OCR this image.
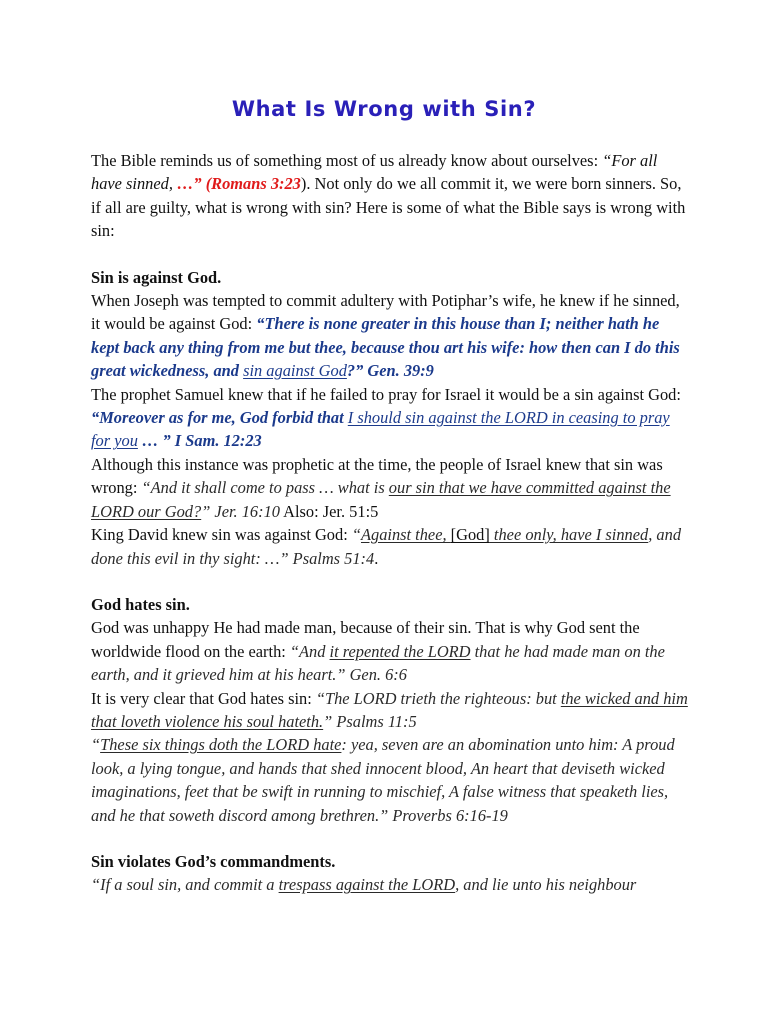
What Is Wrong with Sin?

The Bible reminds us of something most of us already know about ourselves: “For all have sinned, …” (Romans 3:23). Not only do we all commit it, we were born sinners. So, if all are guilty, what is wrong with sin? Here is some of what the Bible says is wrong with sin:

Sin is against God.

When Joseph was tempted to commit adultery with Potiphar’s wife, he knew if he sinned, it would be against God: “There is none greater in this house than I; neither hath he kept back any thing from me but thee, because thou art his wife: how then can I do this great wickedness, and sin against God?” Gen. 39:9

The prophet Samuel knew that if he failed to pray for Israel it would be a sin against God: “Moreover as for me, God forbid that I should sin against the LORD in ceasing to pray for you … ” I Sam. 12:23

Although this instance was prophetic at the time, the people of Israel knew that sin was wrong: “And it shall come to pass … what is our sin that we have committed against the LORD our God?” Jer. 16:10 Also: Jer. 51:5

King David knew sin was against God: “Against thee, [God] thee only, have I sinned, and done this evil in thy sight: …” Psalms 51:4.

God hates sin.

God was unhappy He had made man, because of their sin. That is why God sent the worldwide flood on the earth: “And it repented the LORD that he had made man on the earth, and it grieved him at his heart.” Gen. 6:6

It is very clear that God hates sin: “The LORD trieth the righteous: but the wicked and him that loveth violence his soul hateth.” Psalms 11:5

“These six things doth the LORD hate: yea, seven are an abomination unto him: A proud look, a lying tongue, and hands that shed innocent blood, An heart that deviseth wicked imaginations, feet that be swift in running to mischief, A false witness that speaketh lies, and he that soweth discord among brethren.” Proverbs 6:16-19

Sin violates God’s commandments.

“If a soul sin, and commit a trespass against the LORD, and lie unto his neighbour
